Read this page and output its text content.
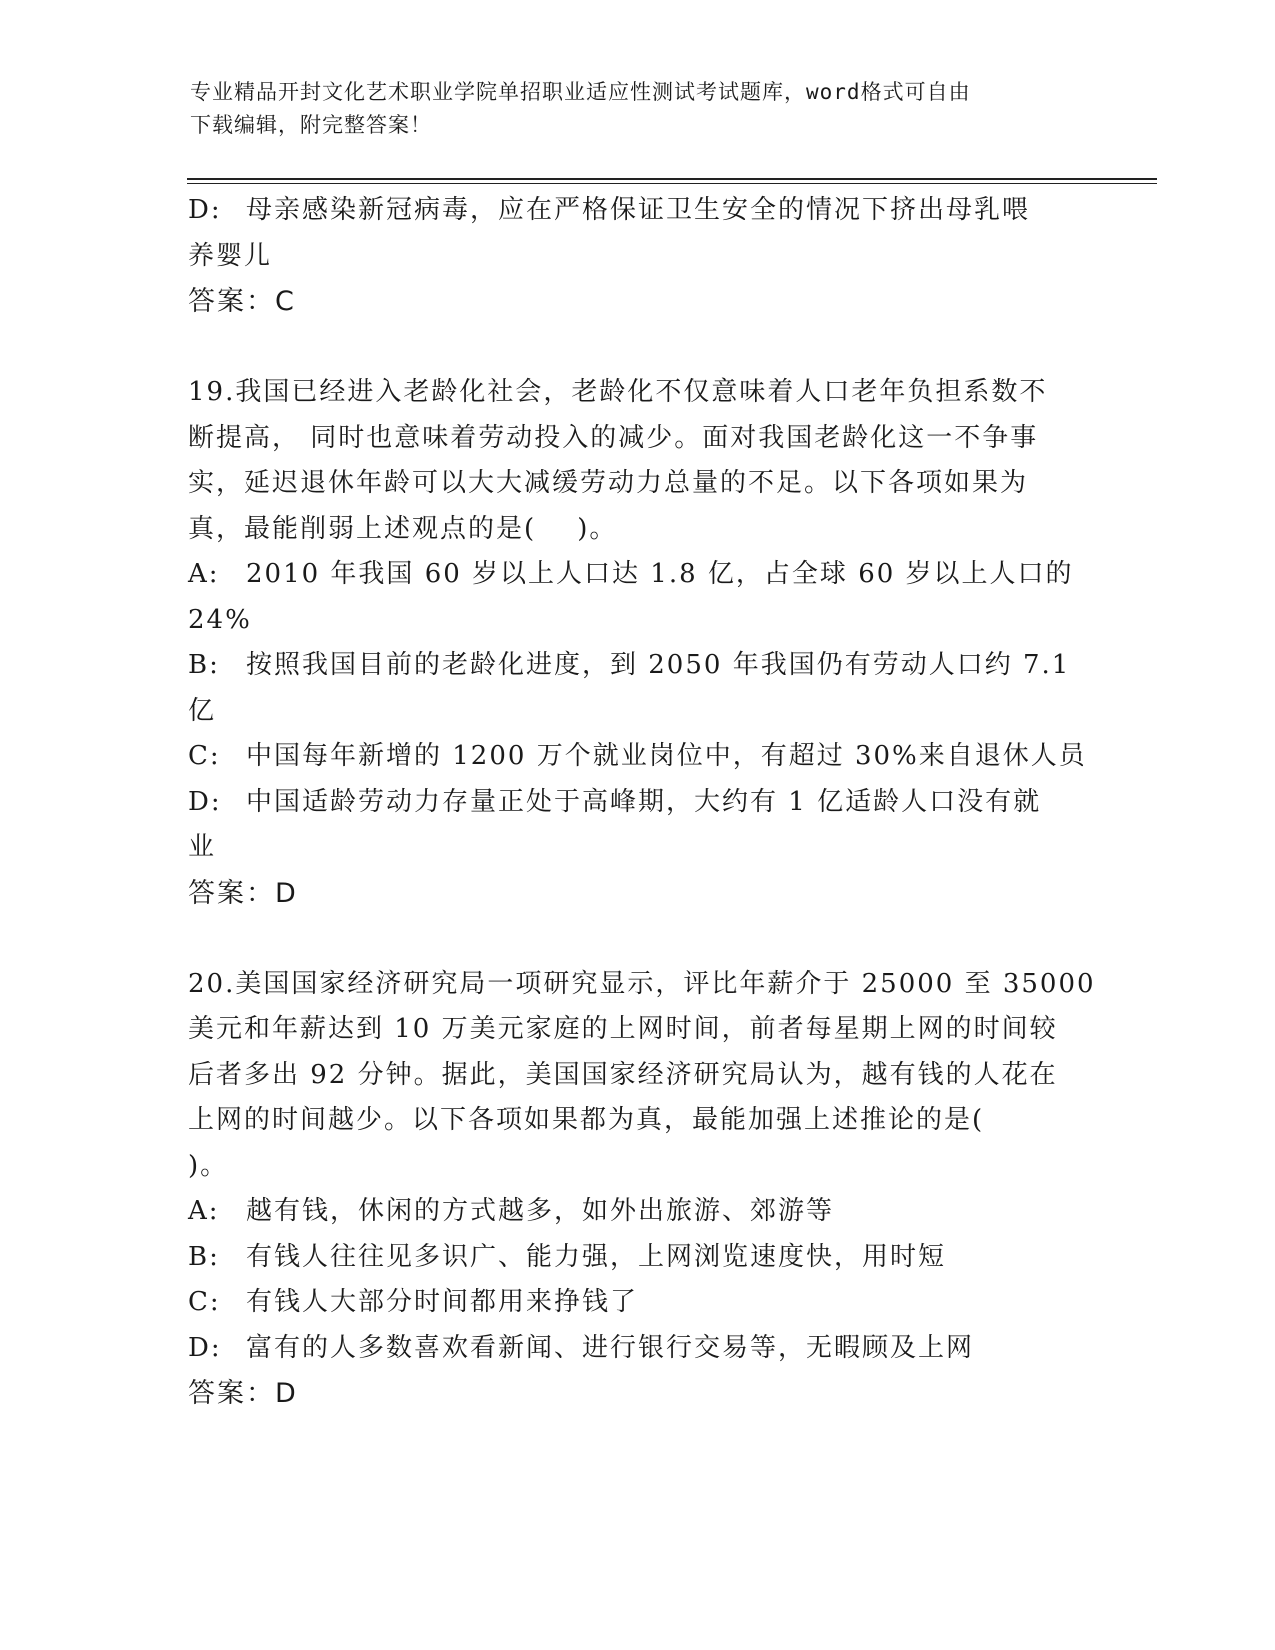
专业精品开封文化艺术职业学院单招职业适应性测试考试题库，word格式可自由
下载编辑，附完整答案！
D: 母亲感染新冠病毒，应在严格保证卫生安全的情况下挤出母乳喂
养婴儿
答案：C
19.我国已经进入老龄化社会，老龄化不仅意味着人口老年负担系数不
断提高， 同时也意味着劳动投入的减少。面对我国老龄化这一不争事
实，延迟退休年龄可以大大减缓劳动力总量的不足。以下各项如果为
真，最能削弱上述观点的是(    )。
A: 2010 年我国 60 岁以上人口达 1.8 亿，占全球 60 岁以上人口的
24%
B: 按照我国目前的老龄化进度，到 2050 年我国仍有劳动人口约 7.1
亿
C: 中国每年新增的 1200 万个就业岗位中，有超过 30%来自退休人员
D: 中国适龄劳动力存量正处于高峰期，大约有 1 亿适龄人口没有就
业
答案：D
20.美国国家经济研究局一项研究显示，评比年薪介于 25000 至 35000
美元和年薪达到 10 万美元家庭的上网时间，前者每星期上网的时间较
后者多出 92 分钟。据此，美国国家经济研究局认为，越有钱的人花在
上网的时间越少。以下各项如果都为真，最能加强上述推论的是(
)。
A: 越有钱，休闲的方式越多，如外出旅游、郊游等
B: 有钱人往往见多识广、能力强，上网浏览速度快，用时短
C: 有钱人大部分时间都用来挣钱了
D: 富有的人多数喜欢看新闻、进行银行交易等，无暇顾及上网
答案：D
